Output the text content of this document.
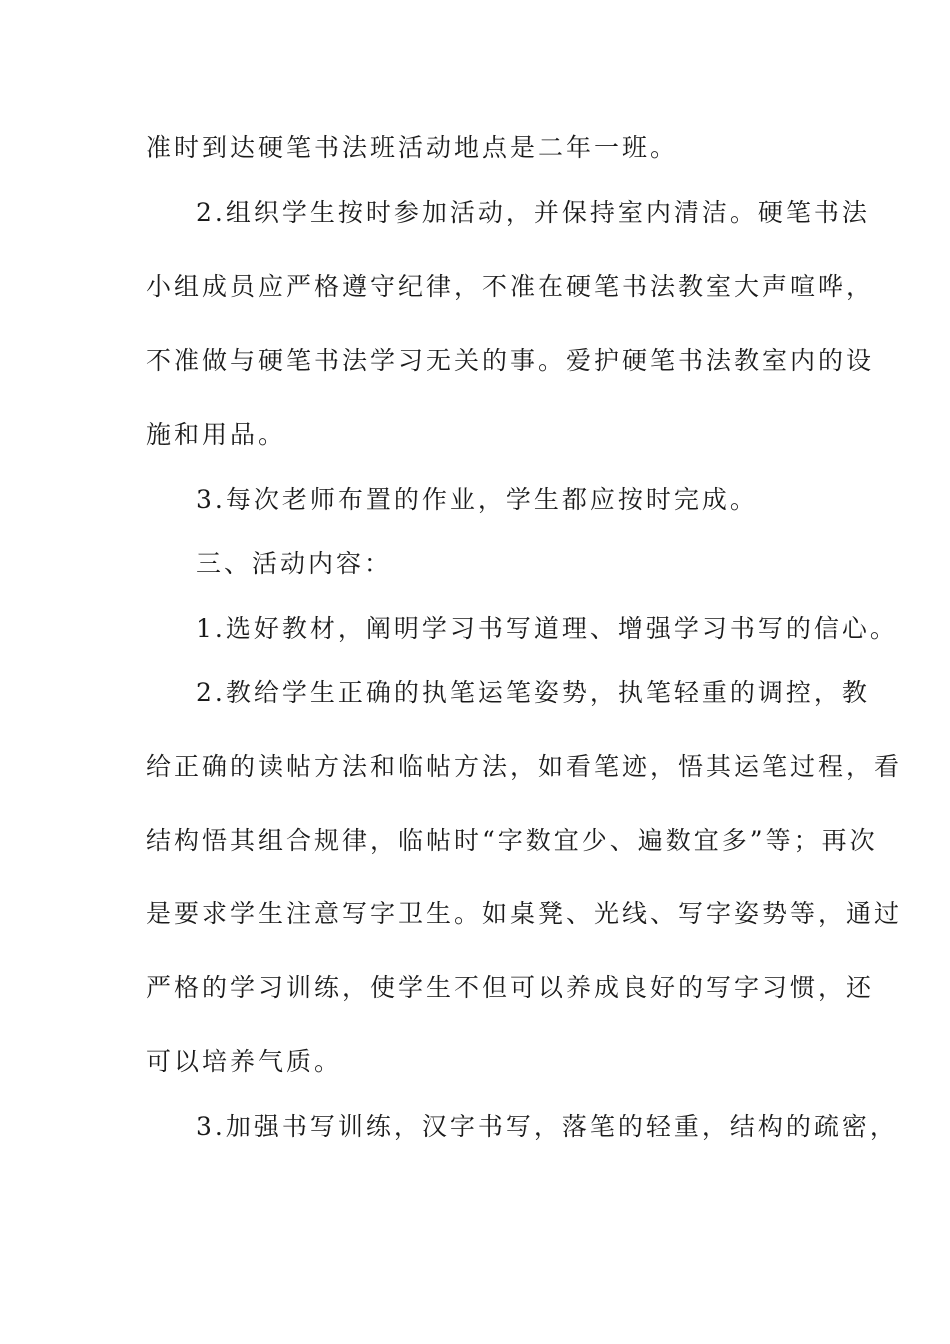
准时到达硬笔书法班活动地点是二年一班。
2.组织学生按时参加活动，并保持室内清洁。硬笔书法
小组成员应严格遵守纪律，不准在硬笔书法教室大声喧哗，
不准做与硬笔书法学习无关的事。爱护硬笔书法教室内的设
施和用品。
3.每次老师布置的作业，学生都应按时完成。
三、活动内容：
1.选好教材，阐明学习书写道理、增强学习书写的信心。
2.教给学生正确的执笔运笔姿势，执笔轻重的调控，教
给正确的读帖方法和临帖方法，如看笔迹，悟其运笔过程，看
结构悟其组合规律，临帖时“字数宜少、遍数宜多”等；再次
是要求学生注意写字卫生。如桌凳、光线、写字姿势等，通过
严格的学习训练，使学生不但可以养成良好的写字习惯，还
可以培养气质。
3.加强书写训练，汉字书写，落笔的轻重，结构的疏密，
